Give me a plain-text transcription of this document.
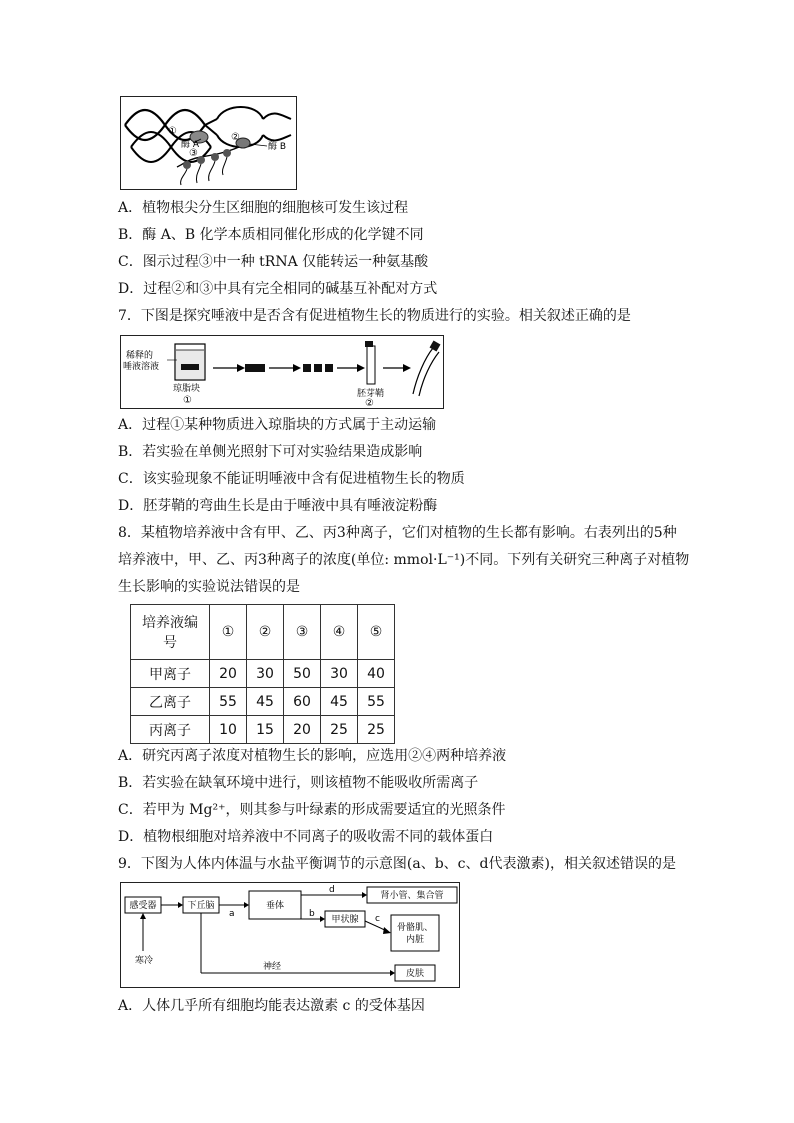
①
②
③
酶 A	酶 B
A．植物根尖分生区细胞的细胞核可发生该过程
B．酶 A、B 化学本质相同催化形成的化学键不同
C．图示过程③中一种 tRNA 仅能转运一种氨基酸
D．过程②和③中具有完全相同的碱基互补配对方式
7．下图是探究唾液中是否含有促进植物生长的物质进行的实验。相关叙述正确的是
稀释的
唾液溶液
琼脂块
①
胚芽鞘
②
A．过程①某种物质进入琼脂块的方式属于主动运输
B．若实验在单侧光照射下可对实验结果造成影响
C．该实验现象不能证明唾液中含有促进植物生长的物质
D．胚芽鞘的弯曲生长是由于唾液中具有唾液淀粉酶
8．某植物培养液中含有甲、乙、丙3种离子，它们对植物的生长都有影响。右表列出的5种
培养液中，甲、乙、丙3种离子的浓度(单位: mmol·L⁻¹)不同。下列有关研究三种离子对植物
生长影响的实验说法错误的是
培养液编
号	①	②	③	④	⑤
甲离子	20	30	50	30	40
乙离子	55	45	60	45	55
丙离子	10	15	20	25	25
A．研究丙离子浓度对植物生长的影响，应选用②④两种培养液
B．若实验在缺氧环境中进行，则该植物不能吸收所需离子
C．若甲为 Mg²⁺，则其参与叶绿素的形成需要适宜的光照条件
D．植物根细胞对培养液中不同离子的吸收需不同的载体蛋白
9．下图为人体内体温与水盐平衡调节的示意图(a、b、c、d代表激素)，相关叙述错误的是
感受器	下丘脑	垂体
甲状腺
肾小管、集合管
骨骼肌、
内脏
皮肤
寒冷
a
d
b	c
神经
A．人体几乎所有细胞均能表达激素 c 的受体基因
